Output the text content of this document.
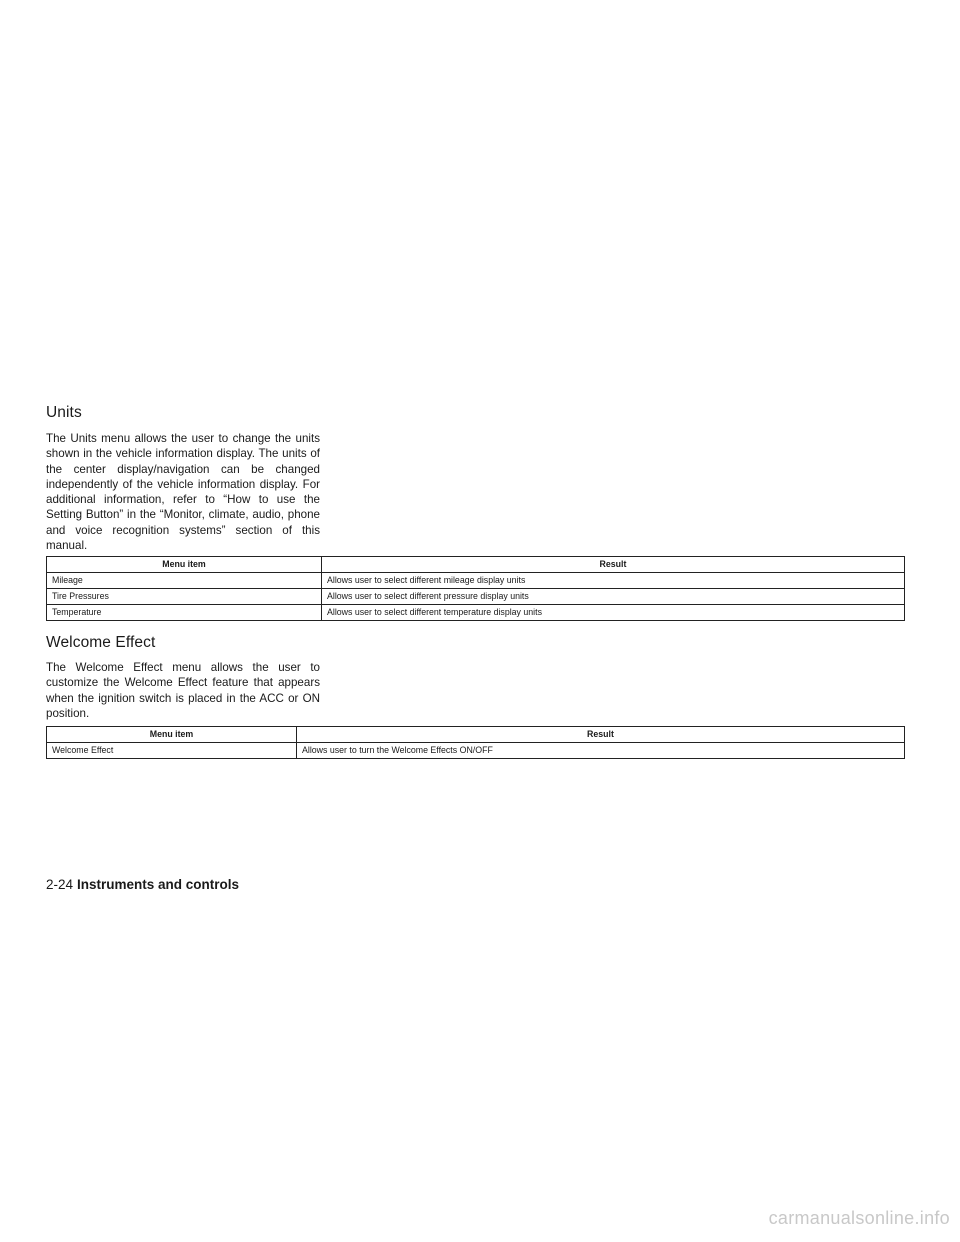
Units

The Units menu allows the user to change the units shown in the vehicle information display. The units of the center display/navigation can be changed independently of the vehicle information display. For additional information, refer to “How to use the Setting Button” in the “Monitor, climate, audio, phone and voice recognition systems” section of this manual.

Menu item	Result
Mileage	Allows user to select different mileage display units
Tire Pressures	Allows user to select different pressure display units
Temperature	Allows user to select different temperature display units
Welcome Effect

The Welcome Effect menu allows the user to customize the Welcome Effect feature that appears when the ignition switch is placed in the ACC or ON position.

Menu item	Result
Welcome Effect	Allows user to turn the Welcome Effects ON/OFF
2-24 Instruments and controls
carmanualsonline.info
